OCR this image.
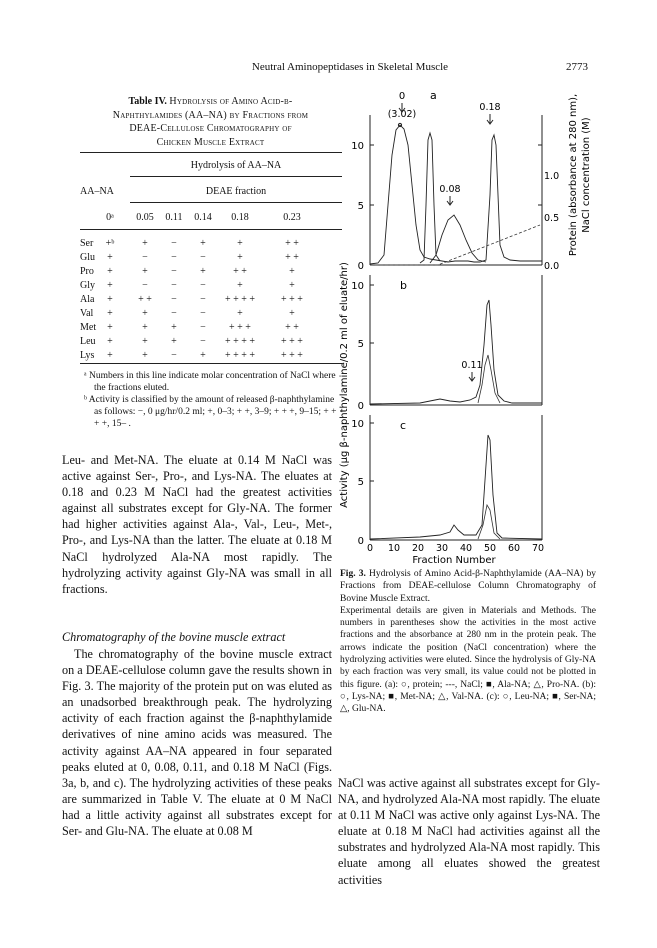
Neutral Aminopeptidases in Skeletal Muscle	2773
Table IV. Hydrolysis of Amino Acid-β-
Naphthylamides (AA–NA) by Fractions from
DEAE-Cellulose Chromatography of
Chicken Muscle Extract
Hydrolysis of AA–NA
AA–NA	DEAE fraction
0ᵃ	0.05	0.11	0.14	0.18	0.23
Ser	+ᵇ	+	−	+	+	+ +
Glu	+	−	−	−	+	+ +
Pro	+	+	−	+	+ +	+
Gly	+	−	−	−	+	+
Ala	+	+ +	−	−	+ + + +	+ + +
Val	+	+	−	−	+	+
Met	+	+	+	−	+ + +	+ +
Leu	+	+	+	−	+ + + +	+ + +
Lys	+	+	−	+	+ + + +	+ + +

ᵃ Numbers in this line indicate molar concentration of NaCl where the fractions eluted.

ᵇ Activity is classified by the amount of released β-naphthylamine as follows: −, 0 μg/hr/0.2 ml; +, 0–3; + +, 3–9; + + +, 9–15; + + + +, 15– .

Leu- and Met-NA. The eluate at 0.14 M NaCl was active against Ser-, Pro-, and Lys-NA. The eluates at 0.18 and 0.23 M NaCl had the greatest activities against all substrates except for Gly-NA. The former had higher activities against Ala-, Val-, Leu-, Met-, Pro-, and Lys-NA than the latter. The eluate at 0.18 M NaCl hydrolyzed Ala-NA most rapidly. The hydrolyzing activity against Gly-NA was small in all fractions.

Chromatography of the bovine muscle extract

The chromatography of the bovine muscle extract on a DEAE-cellulose column gave the results shown in Fig. 3. The majority of the protein put on was eluted as an unadsorbed breakthrough peak. The hydrolyzing activity of each fraction against the β-naphthylamide derivatives of nine amino acids was measured. The activity against AA–NA appeared in four separated peaks eluted at 0, 0.08, 0.11, and 0.18 M NaCl (Figs. 3a, b, and c). The hydrolyzing activities of these peaks are summarized in Table V. The eluate at 0 M NaCl had a little activity against all substrates except for Ser- and Glu-NA. The eluate at 0.08 M

NaCl was active against all substrates except for Gly-NA, and hydrolyzed Ala-NA most rapidly. The eluate at 0.11 M NaCl was active only against Lys-NA. The eluate at 0.18 M NaCl had activities against all the substrates and hydrolyzed Ala-NA most rapidly. This eluate among all eluates showed the greatest activities

Activity (μg β-naphthylamine/0.2 ml of eluate/hr)
Protein (absorbance at 280 nm), NaCl concentration (M)
10
5
0
1.0
0.5
0.0
a
0
(3.02)
0.18
0.08
10
5
0
b
0.11
10
5
0
c
0 10 20 30 40 50 60 70
Fraction Number

Fig. 3. Hydrolysis of Amino Acid-β-Naphthylamide (AA–NA) by Fractions from DEAE-cellulose Column Chromatography of Bovine Muscle Extract.

Experimental details are given in Materials and Methods. The numbers in parentheses show the activities in the most active fractions and the absorbance at 280 nm in the protein peak. The arrows indicate the position (NaCl concentration) where the hydrolyzing activities were eluted. Since the hydrolysis of Gly-NA by each fraction was very small, its value could not be plotted in this figure. (a): ○, protein; ---, NaCl; ■, Ala-NA; △, Pro-NA. (b): ○, Lys-NA; ■, Met-NA; △, Val-NA. (c): ○, Leu-NA; ■, Ser-NA; △, Glu-NA.
